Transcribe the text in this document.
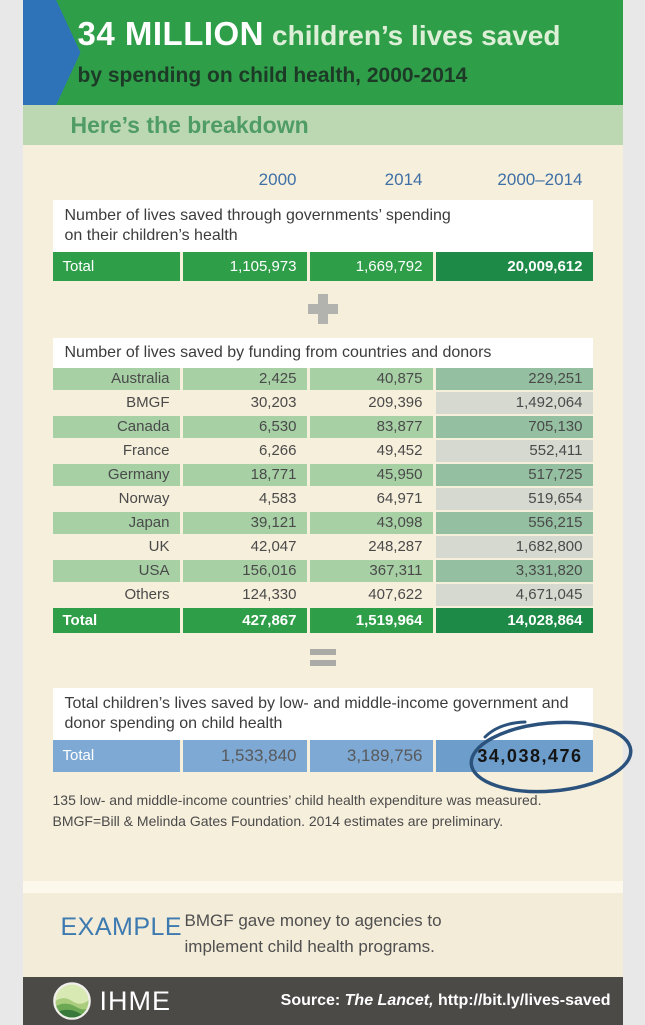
34 MILLION children’s lives saved
by spending on child health, 2000-2014
Here’s the breakdown
2000	2014	2000–2014
Number of lives saved through governments’ spending
on their children’s health
Total	1,105,973	1,669,792	20,009,612
Number of lives saved by funding from countries and donors
Australia	2,425	40,875	229,251
BMGF	30,203	209,396	1,492,064
Canada	6,530	83,877	705,130
France	6,266	49,452	552,411
Germany	18,771	45,950	517,725
Norway	4,583	64,971	519,654
Japan	39,121	43,098	556,215
UK	42,047	248,287	1,682,800
USA	156,016	367,311	3,331,820
Others	124,330	407,622	4,671,045
Total	427,867	1,519,964	14,028,864
Total children’s lives saved by low- and middle-income government and
donor spending on child health
Total	1,533,840	3,189,756	34,038,476
135 low- and middle-income countries’ child health expenditure was measured.
BMGF=Bill & Melinda Gates Foundation. 2014 estimates are preliminary.
EXAMPLE BMGF gave money to agencies to
implement child health programs.
IHME	Source: The Lancet, http://bit.ly/lives-saved
